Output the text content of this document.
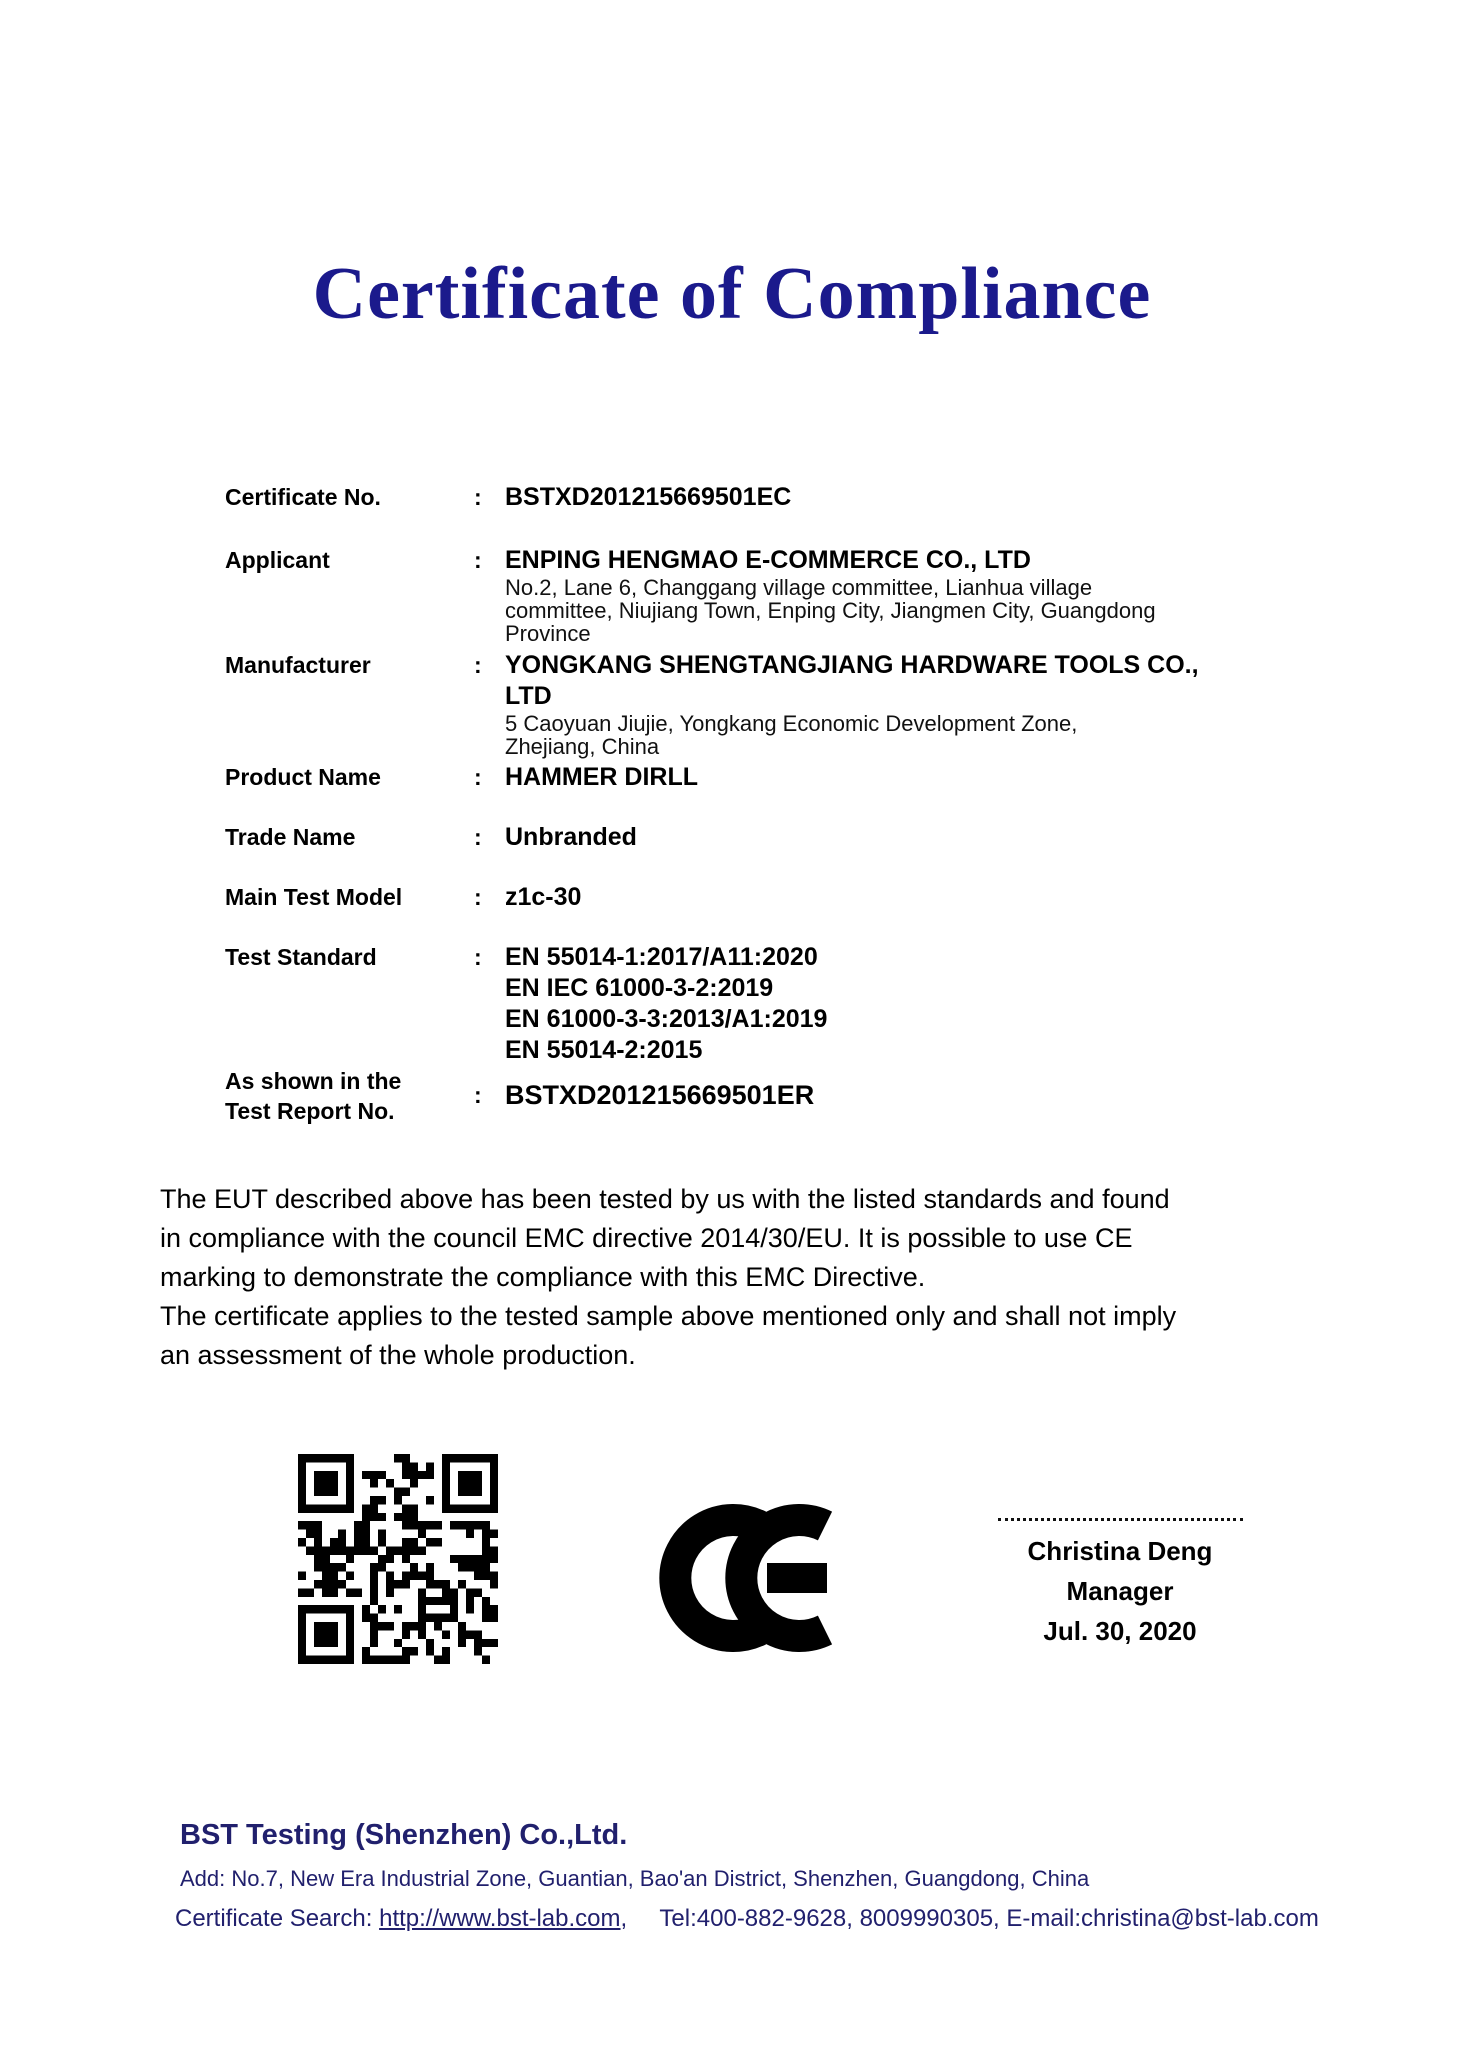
Certificate of Compliance
Certificate No.	: BSTXD201215669501EC
Applicant	: ENPING HENGMAO E-COMMERCE CO., LTD
No.2, Lane 6, Changgang village committee, Lianhua village
committee, Niujiang Town, Enping City, Jiangmen City, Guangdong
Province
Manufacturer	: YONGKANG SHENGTANGJIANG HARDWARE TOOLS CO.,
LTD
5 Caoyuan Jiujie, Yongkang Economic Development Zone,
Zhejiang, China
Product Name	: HAMMER DIRLL
Trade Name	: Unbranded
Main Test Model	: z1c-30
Test Standard	: EN 55014-1:2017/A11:2020
EN IEC 61000-3-2:2019
EN 61000-3-3:2013/A1:2019
EN 55014-2:2015
As shown in the
Test Report No.
: BSTXD201215669501ER
The EUT described above has been tested by us with the listed standards and found
in compliance with the council EMC directive 2014/30/EU. It is possible to use CE
marking to demonstrate the compliance with this EMC Directive.
The certificate applies to the tested sample above mentioned only and shall not imply
an assessment of the whole production.
Christina Deng
Manager
Jul. 30, 2020
BST Testing (Shenzhen) Co.,Ltd.
Add: No.7, New Era Industrial Zone, Guantian, Bao'an District, Shenzhen, Guangdong, China
Certificate Search: http://www.bst-lab.com, Tel:400-882-9628, 8009990305, E-mail:christina@bst-lab.com
